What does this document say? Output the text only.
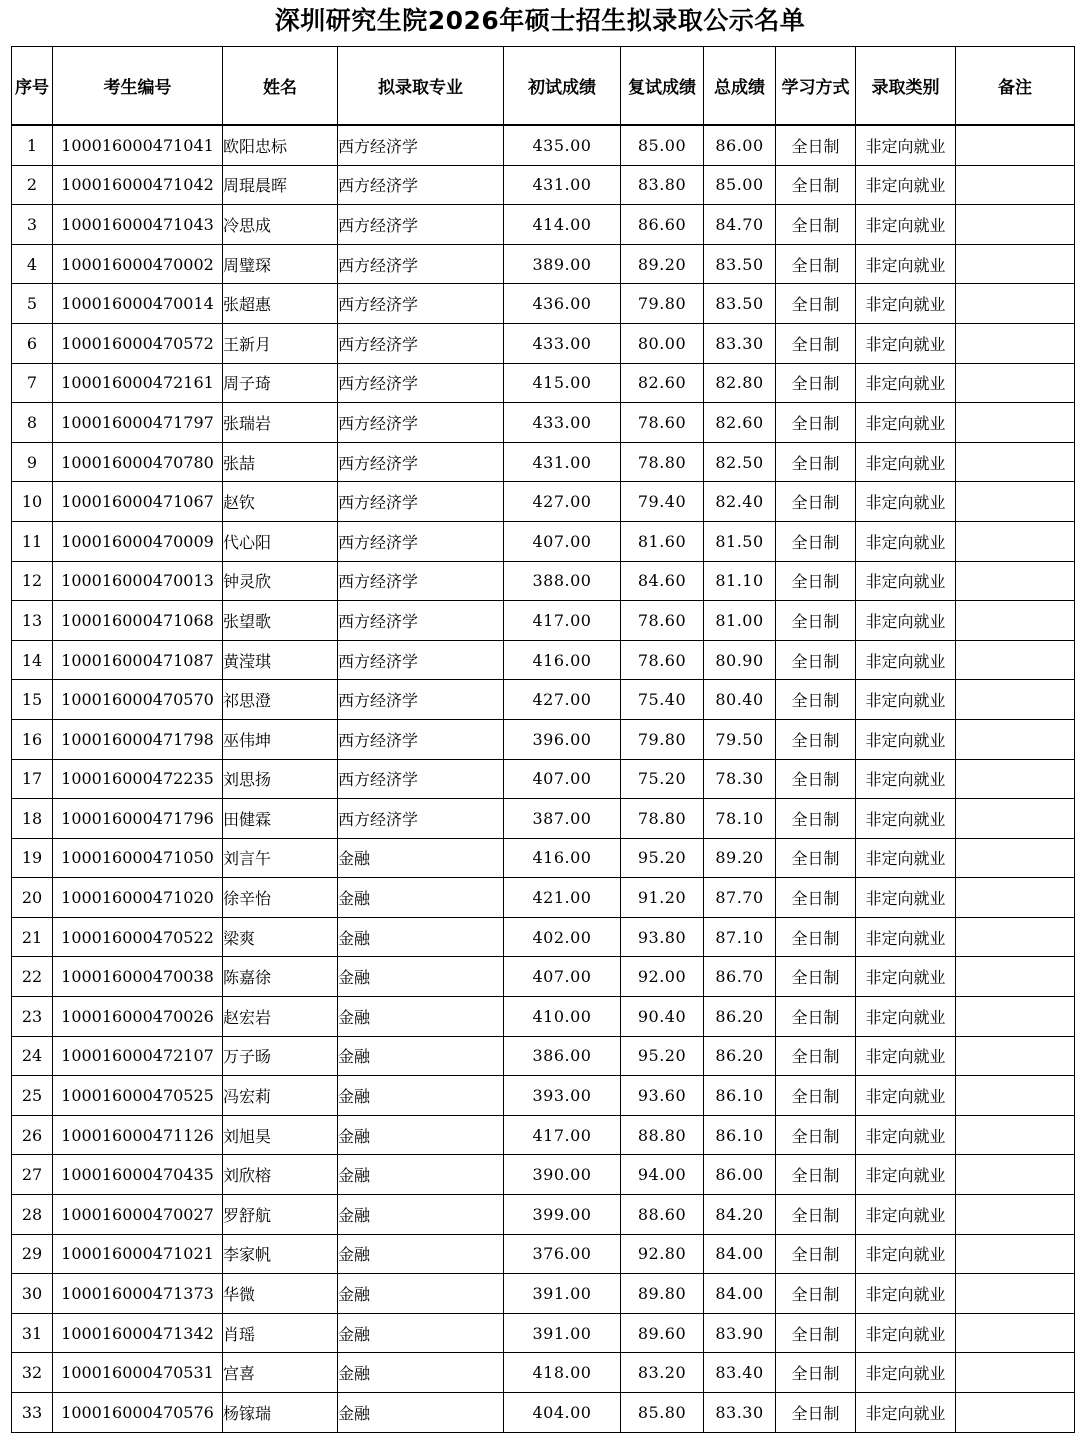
深圳研究生院2026年硕士招生拟录取公示名单
序号	考生编号	姓名	拟录取专业	初试成绩	复试成绩	总成绩	学习方式	录取类别	备注
1	100016000471041	欧阳忠标	西方经济学	435.00	85.00	86.00	全日制	非定向就业	
2	100016000471042	周琨晨晖	西方经济学	431.00	83.80	85.00	全日制	非定向就业	
3	100016000471043	冷思成	西方经济学	414.00	86.60	84.70	全日制	非定向就业	
4	100016000470002	周璧琛	西方经济学	389.00	89.20	83.50	全日制	非定向就业	
5	100016000470014	张超惠	西方经济学	436.00	79.80	83.50	全日制	非定向就业	
6	100016000470572	王新月	西方经济学	433.00	80.00	83.30	全日制	非定向就业	
7	100016000472161	周子琦	西方经济学	415.00	82.60	82.80	全日制	非定向就业	
8	100016000471797	张瑞岩	西方经济学	433.00	78.60	82.60	全日制	非定向就业	
9	100016000470780	张喆	西方经济学	431.00	78.80	82.50	全日制	非定向就业	
10	100016000471067	赵钦	西方经济学	427.00	79.40	82.40	全日制	非定向就业	
11	100016000470009	代心阳	西方经济学	407.00	81.60	81.50	全日制	非定向就业	
12	100016000470013	钟灵欣	西方经济学	388.00	84.60	81.10	全日制	非定向就业	
13	100016000471068	张望歌	西方经济学	417.00	78.60	81.00	全日制	非定向就业	
14	100016000471087	黄滢琪	西方经济学	416.00	78.60	80.90	全日制	非定向就业	
15	100016000470570	祁思澄	西方经济学	427.00	75.40	80.40	全日制	非定向就业	
16	100016000471798	巫伟坤	西方经济学	396.00	79.80	79.50	全日制	非定向就业	
17	100016000472235	刘思扬	西方经济学	407.00	75.20	78.30	全日制	非定向就业	
18	100016000471796	田健霖	西方经济学	387.00	78.80	78.10	全日制	非定向就业	
19	100016000471050	刘言午	金融	416.00	95.20	89.20	全日制	非定向就业	
20	100016000471020	徐辛怡	金融	421.00	91.20	87.70	全日制	非定向就业	
21	100016000470522	梁爽	金融	402.00	93.80	87.10	全日制	非定向就业	
22	100016000470038	陈嘉徐	金融	407.00	92.00	86.70	全日制	非定向就业	
23	100016000470026	赵宏岩	金融	410.00	90.40	86.20	全日制	非定向就业	
24	100016000472107	万子旸	金融	386.00	95.20	86.20	全日制	非定向就业	
25	100016000470525	冯宏莉	金融	393.00	93.60	86.10	全日制	非定向就业	
26	100016000471126	刘旭昊	金融	417.00	88.80	86.10	全日制	非定向就业	
27	100016000470435	刘欣榕	金融	390.00	94.00	86.00	全日制	非定向就业	
28	100016000470027	罗舒航	金融	399.00	88.60	84.20	全日制	非定向就业	
29	100016000471021	李家帆	金融	376.00	92.80	84.00	全日制	非定向就业	
30	100016000471373	华微	金融	391.00	89.80	84.00	全日制	非定向就业	
31	100016000471342	肖瑶	金融	391.00	89.60	83.90	全日制	非定向就业	
32	100016000470531	宫喜	金融	418.00	83.20	83.40	全日制	非定向就业	
33	100016000470576	杨镓瑞	金融	404.00	85.80	83.30	全日制	非定向就业	
